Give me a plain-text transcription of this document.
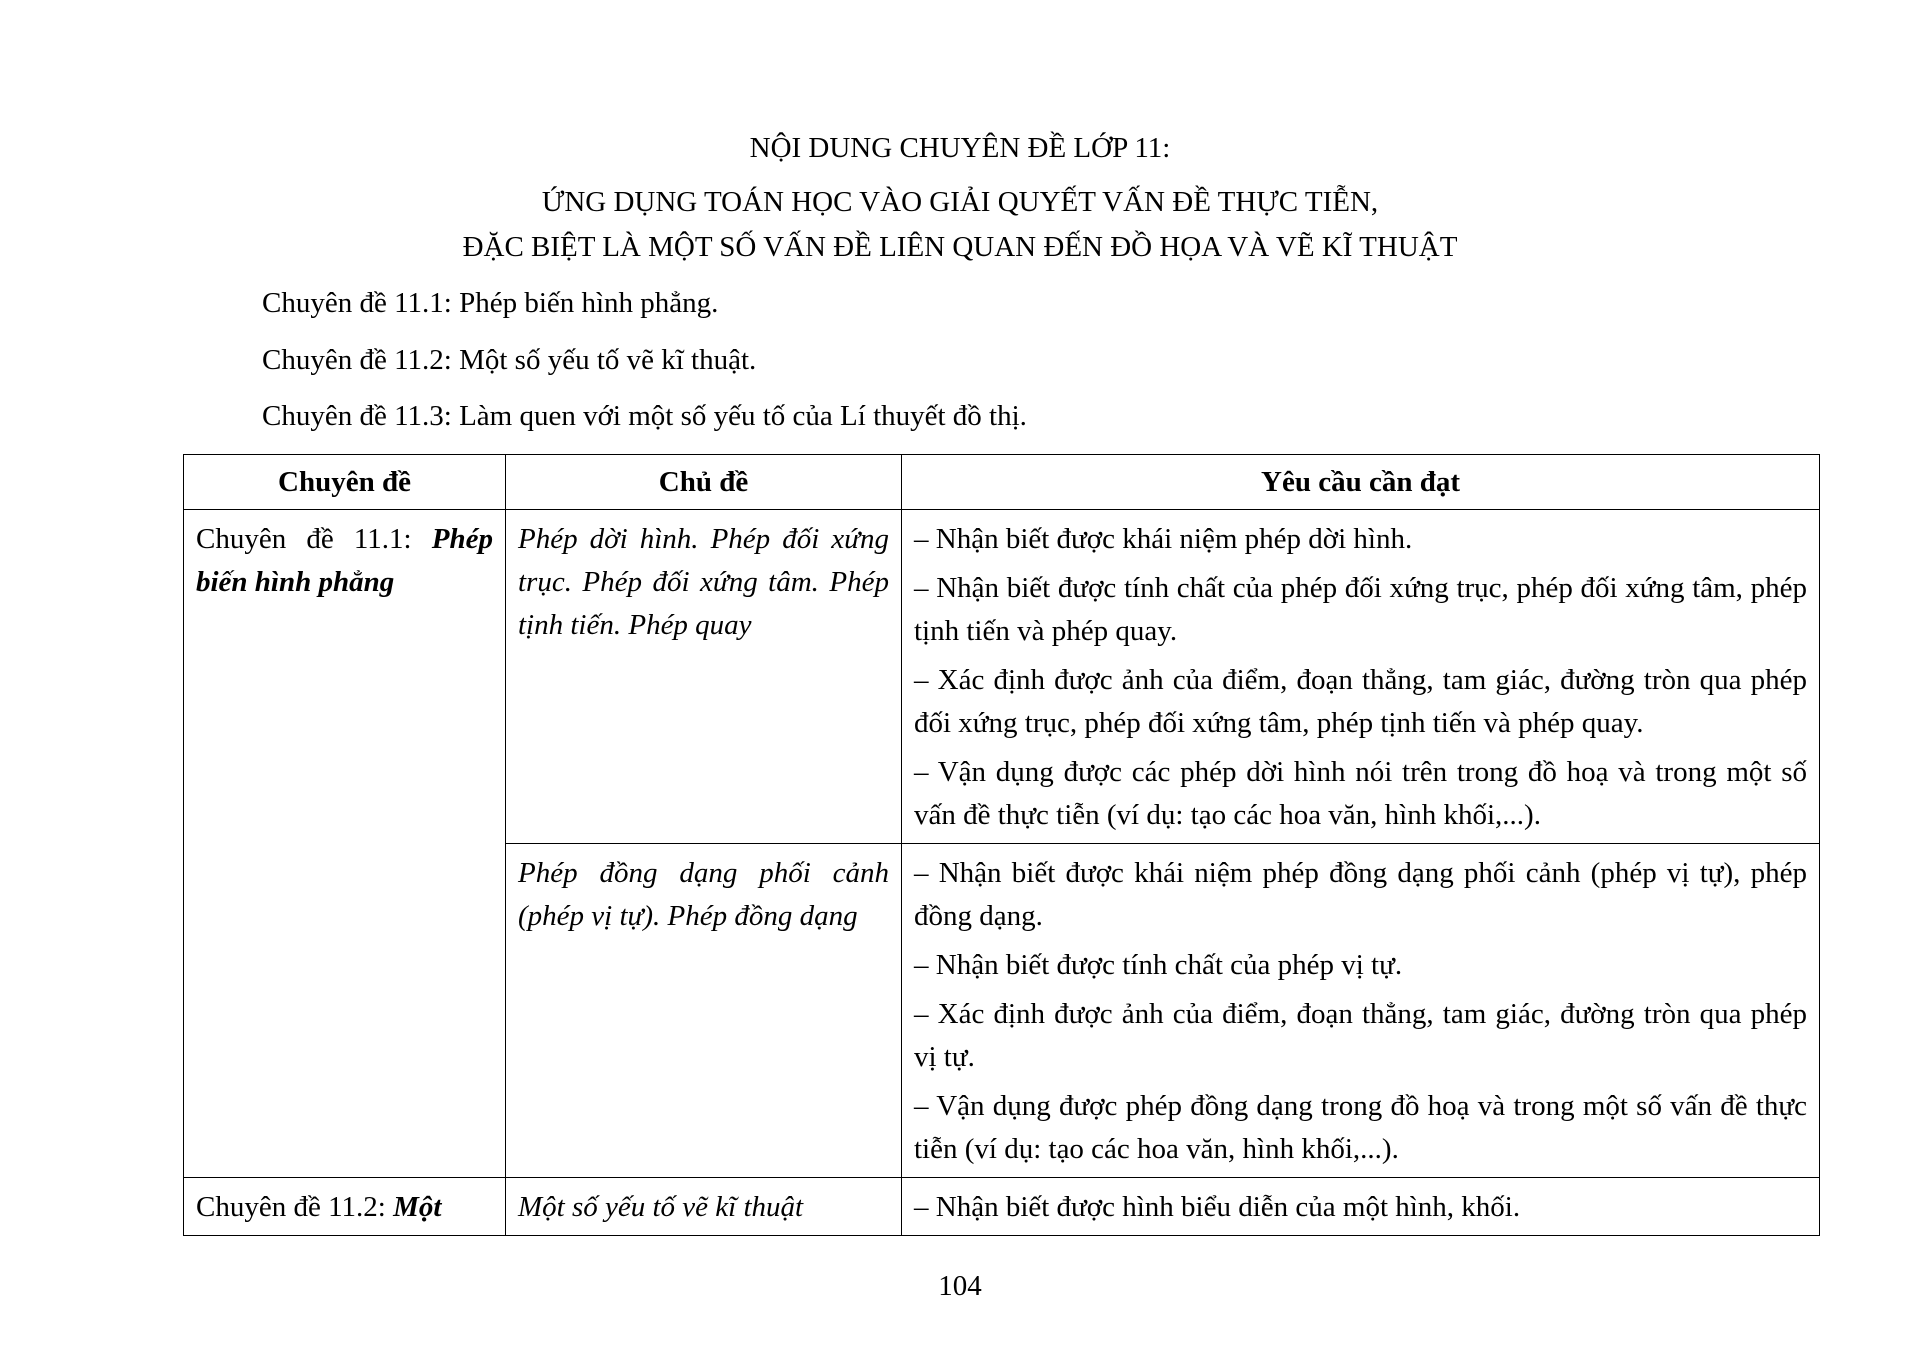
NỘI DUNG CHUYÊN ĐỀ LỚP 11:
ỨNG DỤNG TOÁN HỌC VÀO GIẢI QUYẾT VẤN ĐỀ THỰC TIỄN,
ĐẶC BIỆT LÀ MỘT SỐ VẤN ĐỀ LIÊN QUAN ĐẾN ĐỒ HỌA VÀ VẼ KĨ THUẬT
Chuyên đề 11.1: Phép biến hình phẳng.
Chuyên đề 11.2: Một số yếu tố vẽ kĩ thuật.
Chuyên đề 11.3: Làm quen với một số yếu tố của Lí thuyết đồ thị.
Chuyên đề	Chủ đề	Yêu cầu cần đạt
Chuyên đề 11.1: Phép biến hình phẳng	Phép dời hình. Phép đối xứng trục. Phép đối xứng tâm. Phép tịnh tiến. Phép quay	– Nhận biết được khái niệm phép dời hình.

– Nhận biết được tính chất của phép đối xứng trục, phép đối xứng tâm, phép tịnh tiến và phép quay.

– Xác định được ảnh của điểm, đoạn thẳng, tam giác, đường tròn qua phép đối xứng trục, phép đối xứng tâm, phép tịnh tiến và phép quay.

– Vận dụng được các phép dời hình nói trên trong đồ hoạ và trong một số vấn đề thực tiễn (ví dụ: tạo các hoa văn, hình khối,...).

	Phép đồng dạng phối cảnh (phép vị tự). Phép đồng dạng	– Nhận biết được khái niệm phép đồng dạng phối cảnh (phép vị tự), phép đồng dạng.

– Nhận biết được tính chất của phép vị tự.

– Xác định được ảnh của điểm, đoạn thẳng, tam giác, đường tròn qua phép vị tự.

– Vận dụng được phép đồng dạng trong đồ hoạ và trong một số vấn đề thực tiễn (ví dụ: tạo các hoa văn, hình khối,...).

Chuyên đề 11.2: Một	Một số yếu tố vẽ kĩ thuật	– Nhận biết được hình biểu diễn của một hình, khối.

104
